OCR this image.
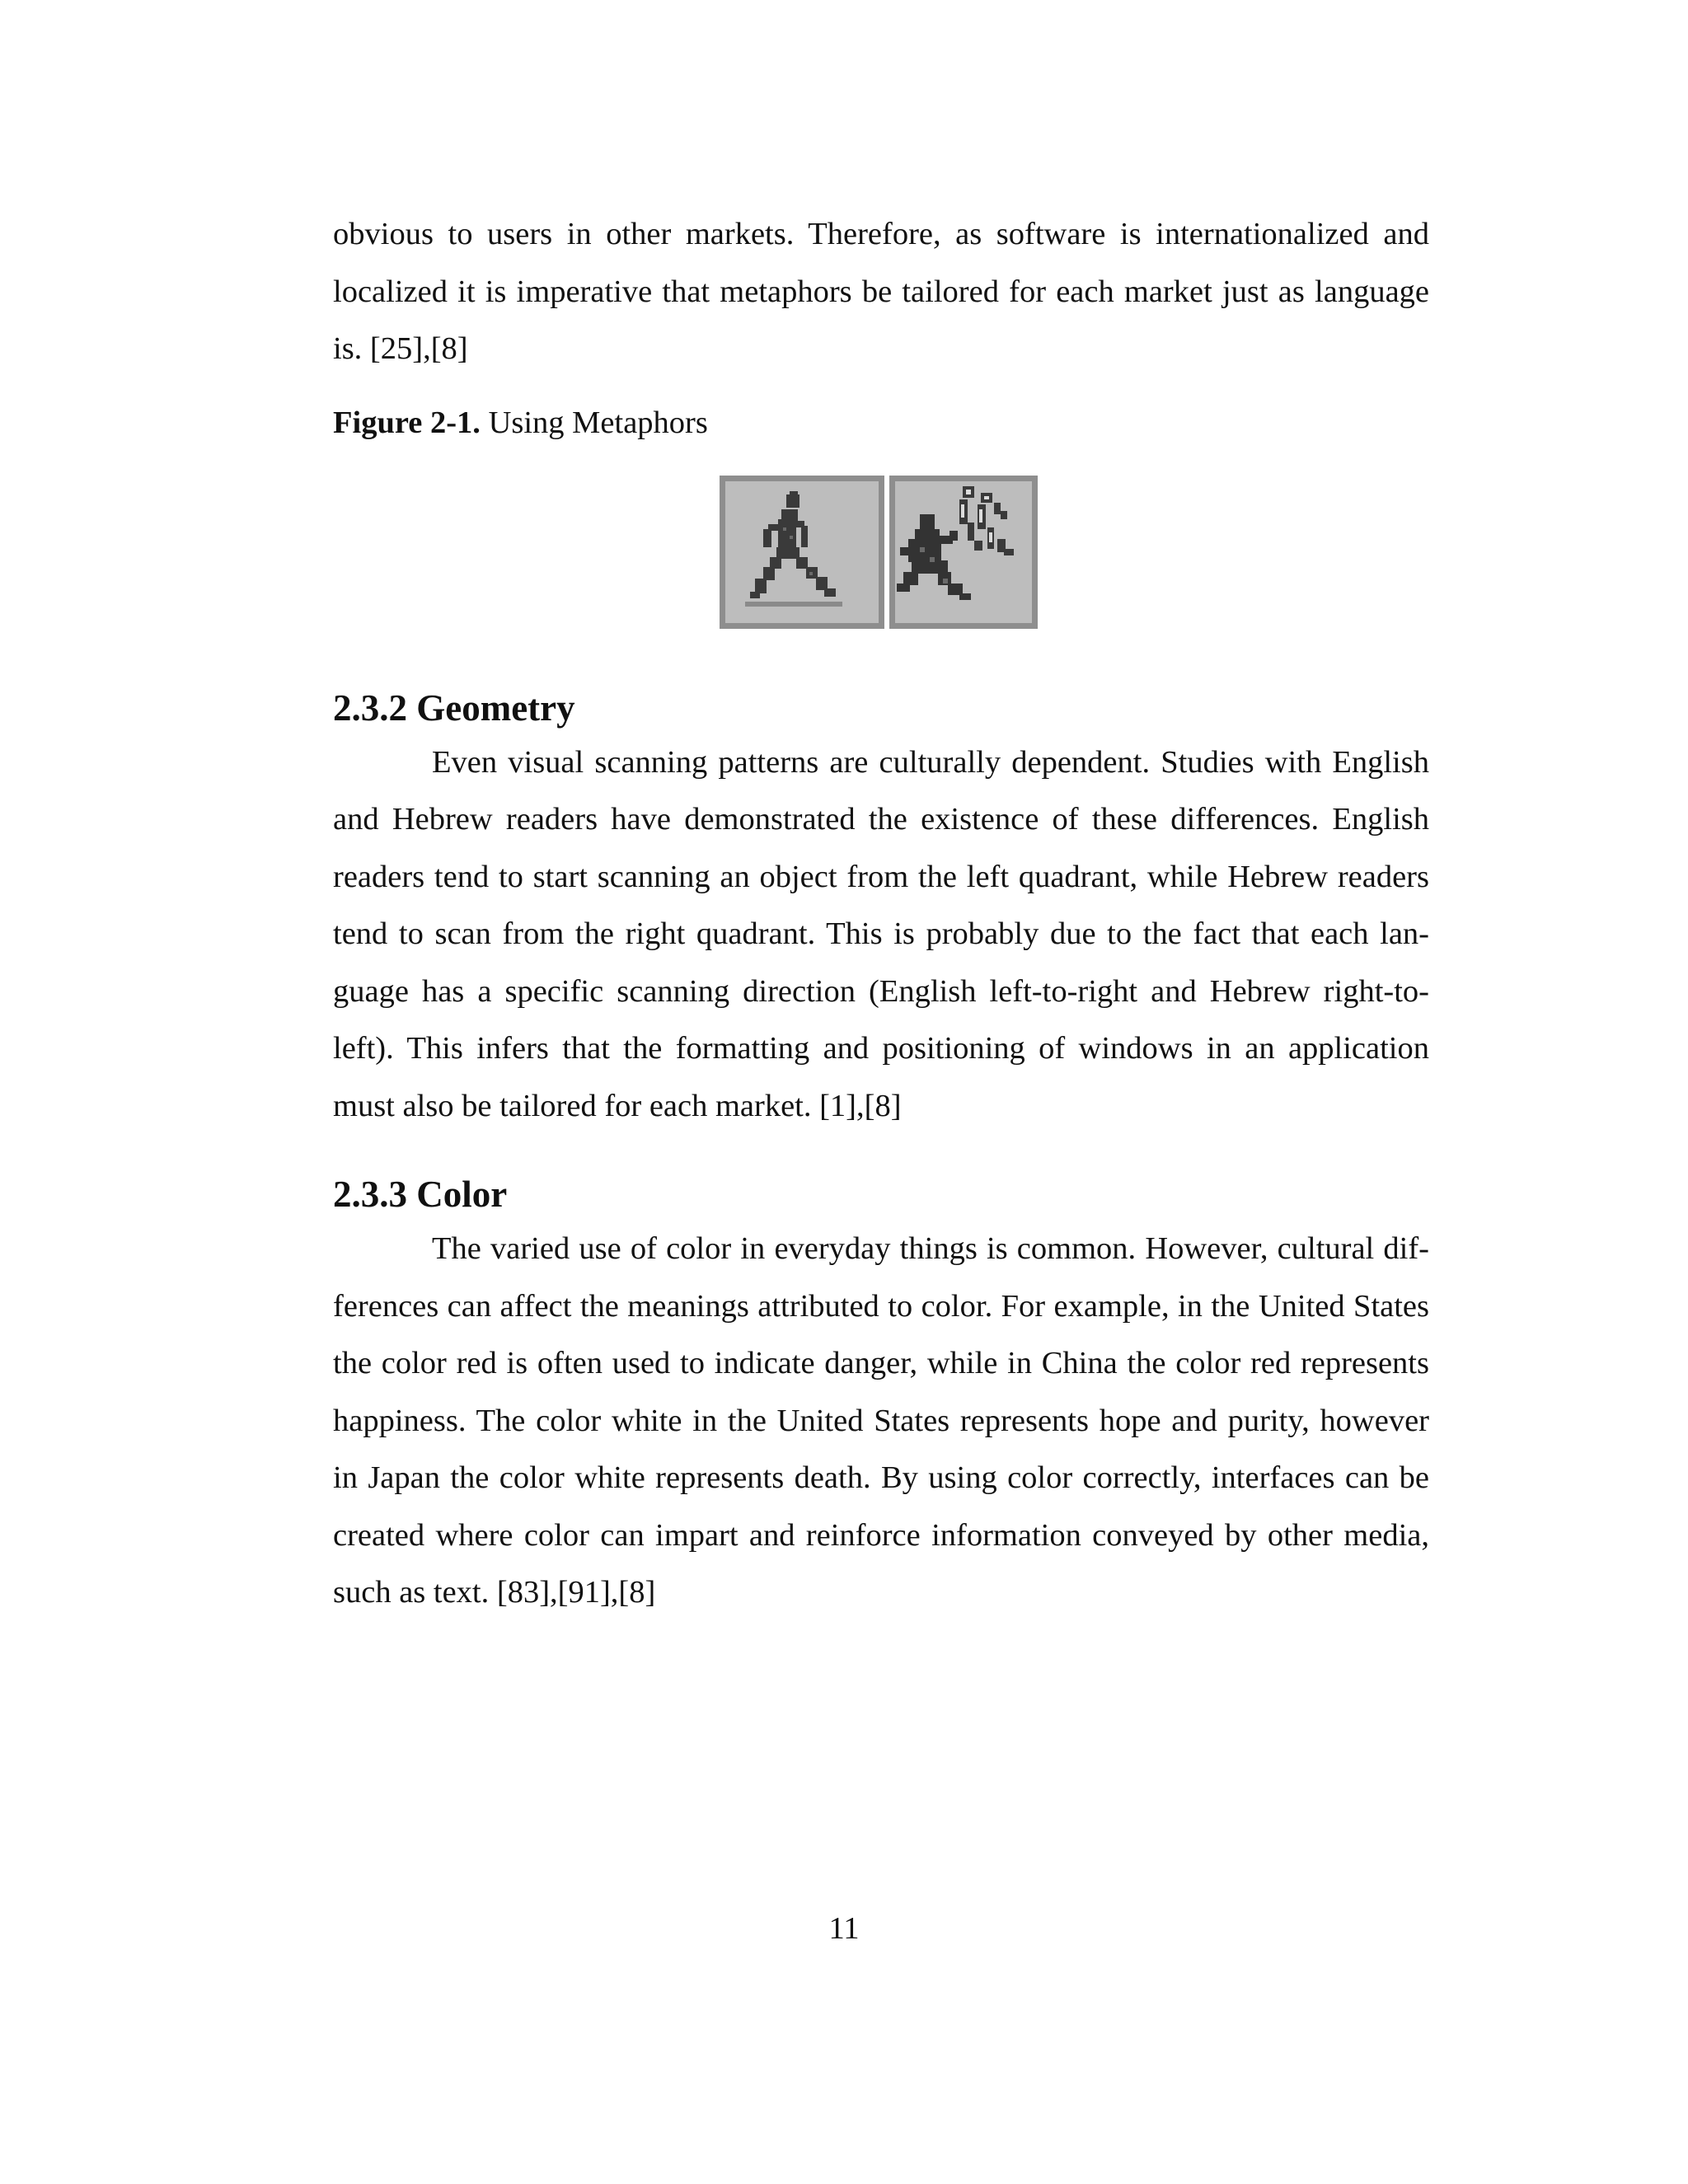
obvious to users in other markets. Therefore, as software is internationalized and localized it is imperative that metaphors be tailored for each market just as language is. [25],[8]

Figure 2-1. Using Metaphors
2.3.2 Geometry

Even visual scanning patterns are culturally dependent. Studies with English and Hebrew readers have demonstrated the existence of these differences. English readers tend to start scanning an object from the left quadrant, while Hebrew readers tend to scan from the right quadrant. This is probably due to the fact that each lan-guage has a specific scanning direction (English left-to-right and Hebrew right-to-left). This infers that the formatting and positioning of windows in an application must also be tailored for each market. [1],[8]

2.3.3 Color

The varied use of color in everyday things is common. However, cultural dif-ferences can affect the meanings attributed to color. For example, in the United States the color red is often used to indicate danger, while in China the color red represents happiness. The color white in the United States represents hope and purity, however in Japan the color white represents death. By using color correctly, interfaces can be created where color can impart and reinforce information conveyed by other media, such as text. [83],[91],[8]

11
